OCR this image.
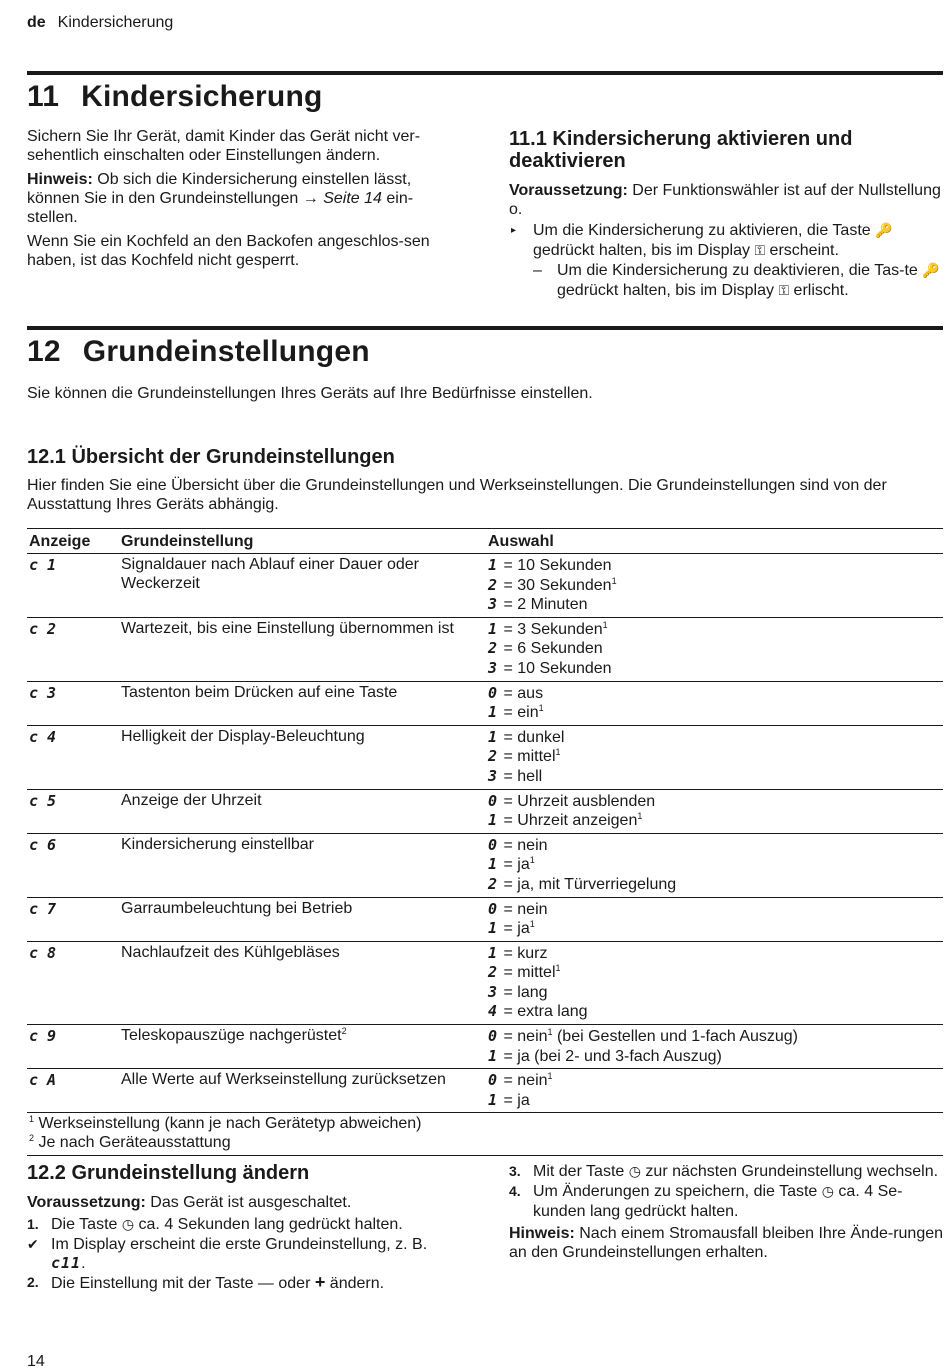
de Kindersicherung
11 Kindersicherung

Sichern Sie Ihr Gerät, damit Kinder das Gerät nicht ver-sehentlich einschalten oder Einstellungen ändern.

Hinweis: Ob sich die Kindersicherung einstellen lässt, können Sie in den Grundeinstellungen → Seite 14 ein-stellen.

Wenn Sie ein Kochfeld an den Backofen angeschlos-sen haben, ist das Kochfeld nicht gesperrt.

11.1 Kindersicherung aktivieren und deaktivieren

Voraussetzung: Der Funktionswähler ist auf der Nullstellung o.

▸ Um die Kindersicherung zu aktivieren, die Taste 🔑 gedrückt halten, bis im Display ⚿ erscheint.
– Um die Kindersicherung zu deaktivieren, die Tas-te 🔑 gedrückt halten, bis im Display ⚿ erlischt.
12 Grundeinstellungen
Sie können die Grundeinstellungen Ihres Geräts auf Ihre Bedürfnisse einstellen.
12.1 Übersicht der Grundeinstellungen

Hier finden Sie eine Übersicht über die Grundeinstellungen und Werkseinstellungen. Die Grundeinstellungen sind von der Ausstattung Ihres Geräts abhängig.

Anzeige	Grundeinstellung	Auswahl
c 1	Signaldauer nach Ablauf einer Dauer oder Weckerzeit	1 = 10 Sekunden
2 = 30 Sekunden$^1$
3 = 2 Minuten

c 2	Wartezeit, bis eine Einstellung übernommen ist	1 = 3 Sekunden$^1$
2 = 6 Sekunden
3 = 10 Sekunden

c 3	Tastenton beim Drücken auf eine Taste	0 = aus
1 = ein$^1$

c 4	Helligkeit der Display-Beleuchtung	1 = dunkel
2 = mittel$^1$
3 = hell

c 5	Anzeige der Uhrzeit	0 = Uhrzeit ausblenden
1 = Uhrzeit anzeigen$^1$

c 6	Kindersicherung einstellbar	0 = nein
$1 = ja^1$
2 = ja, mit Türverriegelung

c 7	Garraumbeleuchtung bei Betrieb	0 = nein
$1 = ja^1$

c 8	Nachlaufzeit des Kühlgebläses	1 = kurz
2 = mittel$^1$
3 = lang
4 = extra lang

c 9	Teleskopauszüge nachgerüstet$^2$	0 = nein$^1$ (bei Gestellen und 1-fach Auszug)
1 = ja (bei 2- und 3-fach Auszug)

c A	Alle Werte auf Werkseinstellung zurücksetzen	0 = nein$^1$
1 = ja

$^1$ Werkseinstellung (kann je nach Gerätetyp abweichen)
$^2$ Je nach Geräteausstattung		
12.2 Grundeinstellung ändern

Voraussetzung: Das Gerät ist ausgeschaltet.

1. Die Taste ◷ ca. 4 Sekunden lang gedrückt halten.
✔ Im Display erscheint die erste Grundeinstellung, z. B. c11.
2. Die Einstellung mit der Taste — oder + ändern.
3. Mit der Taste ◷ zur nächsten Grundeinstellung wechseln.
4. Um Änderungen zu speichern, die Taste ◷ ca. 4 Se-kunden lang gedrückt halten.

Hinweis: Nach einem Stromausfall bleiben Ihre Ände-rungen an den Grundeinstellungen erhalten.

14
